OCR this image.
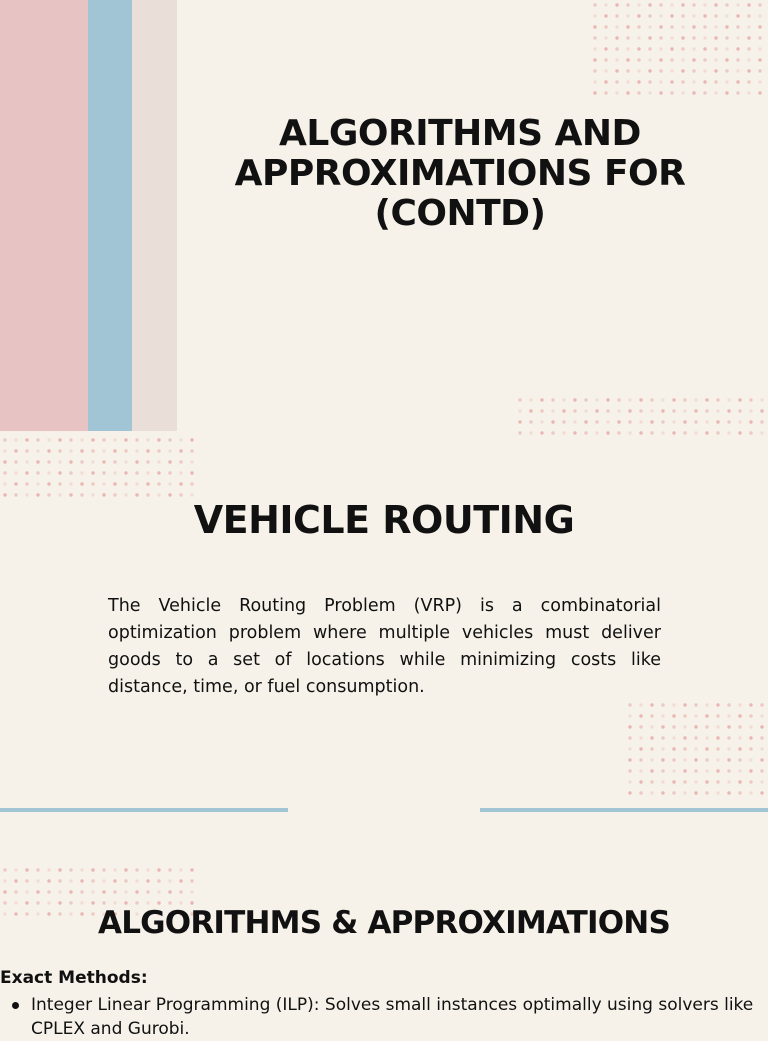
ALGORITHMS AND
APPROXIMATIONS FOR
(CONTD)
VEHICLE ROUTING

The Vehicle Routing Problem (VRP) is a combinatorial optimization problem where multiple vehicles must deliver goods to a set of locations while minimizing costs like distance, time, or fuel consumption.

ALGORITHMS & APPROXIMATIONS
Exact Methods:
Integer Linear Programming (ILP): Solves small instances optimally using solvers like CPLEX and Gurobi.
